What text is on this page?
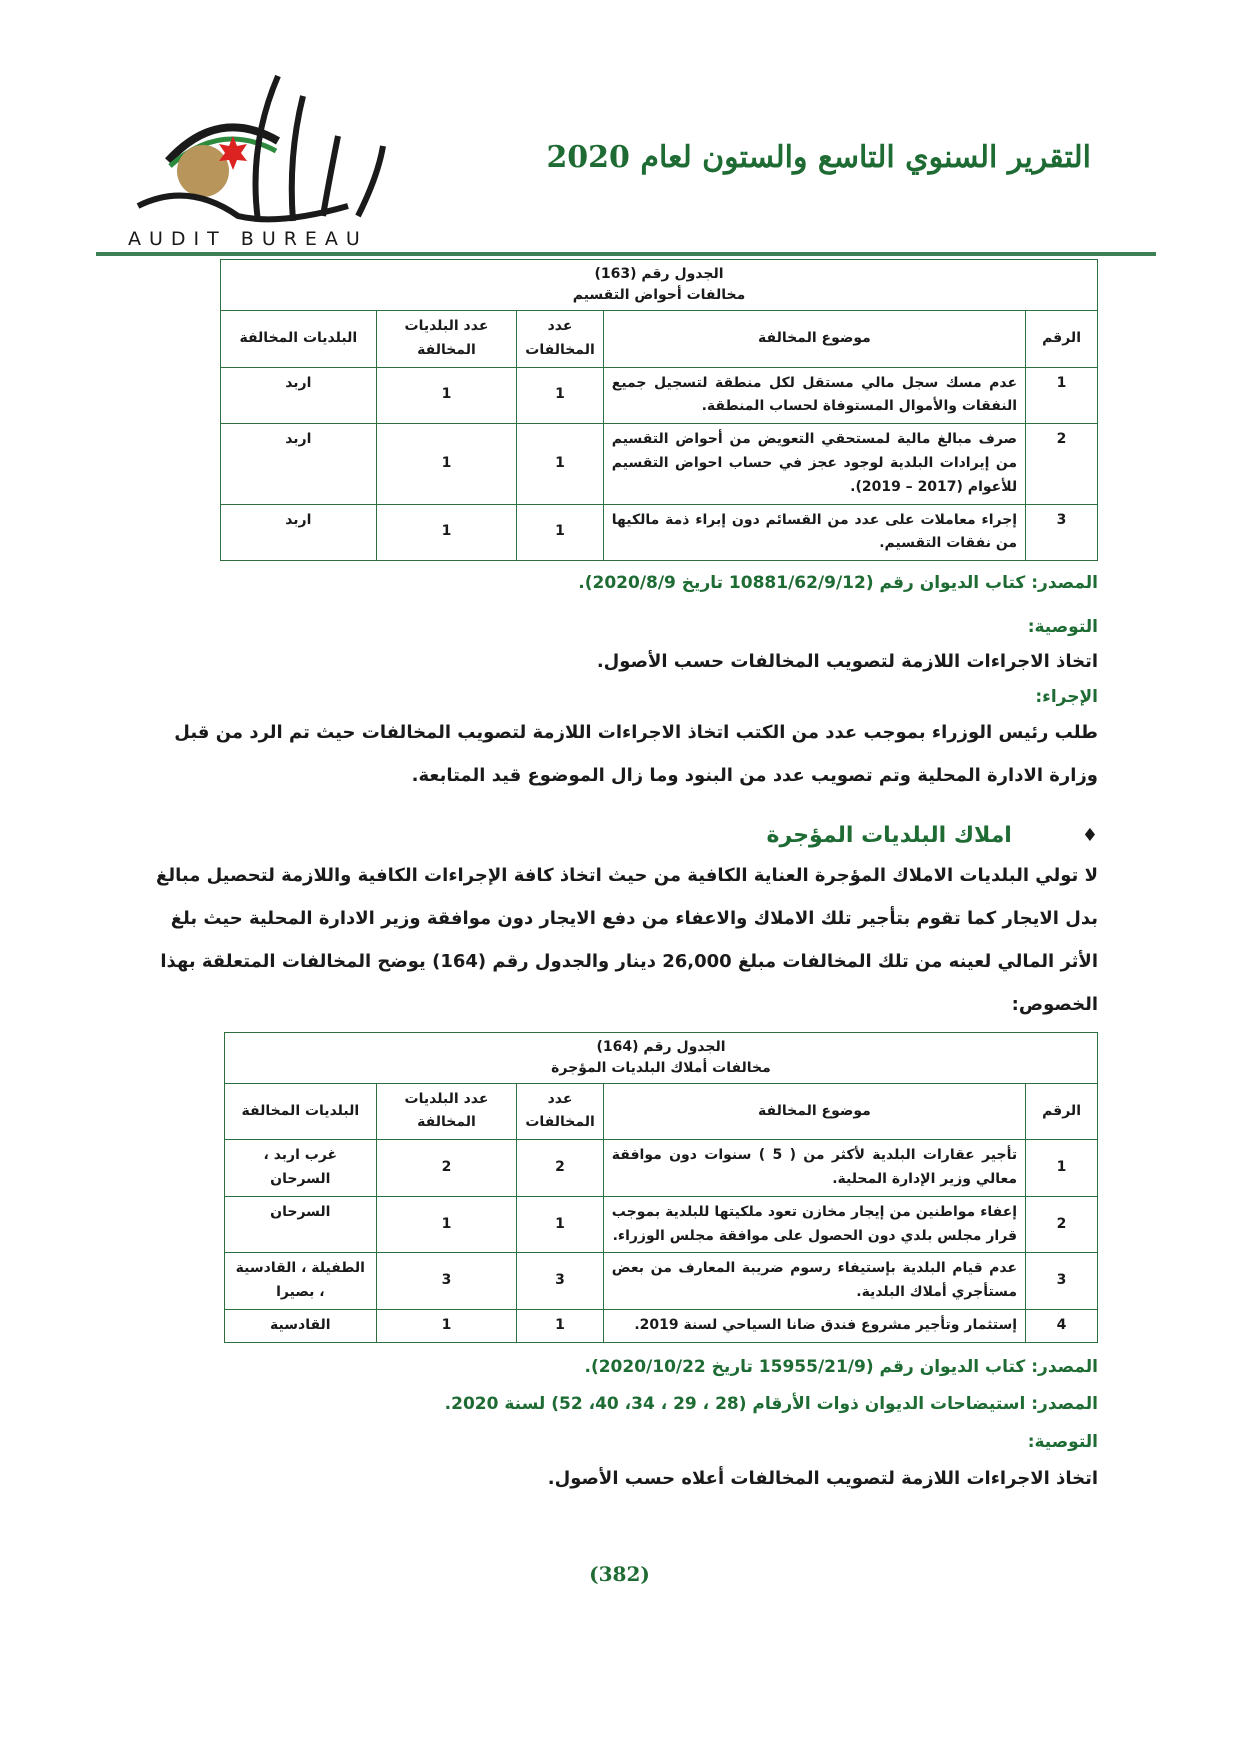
AUDIT BUREAU
التقرير السنوي التاسع والستون لعام 2020
الجدول رقم (163)
مخالفات أحواض التقسيم				

الرقم	موضوع المخالفة	عدد المخالفات	عدد البلديات المخالفة	البلديات المخالفة
1	عدم مسك سجل مالي مستقل لكل منطقة لتسجيل جميع النفقات والأموال المستوفاة لحساب المنطقة.	1	1	اربد
2	صرف مبالغ مالية لمستحقي التعويض من أحواض التقسيم من إيرادات البلدية لوجود عجز في حساب احواض التقسيم للأعوام (2017 – 2019).	1	1	اربد
3	إجراء معاملات على عدد من القسائم دون إبراء ذمة مالكيها من نفقات التقسيم.	1	1	اربد
المصدر: كتاب الديوان رقم (10881/62/9/12 تاريخ 2020/8/9).
التوصية:
اتخاذ الاجراءات اللازمة لتصويب المخالفات حسب الأصول.
الإجراء:
طلب رئيس الوزراء بموجب عدد من الكتب اتخاذ الاجراءات اللازمة لتصويب المخالفات حيث تم الرد من قبل وزارة الادارة المحلية وتم تصويب عدد من البنود وما زال الموضوع قيد المتابعة.
♦
املاك البلديات المؤجرة
لا تولي البلديات الاملاك المؤجرة العناية الكافية من حيث اتخاذ كافة الإجراءات الكافية واللازمة لتحصيل مبالغ بدل الايجار كما تقوم بتأجير تلك الاملاك والاعفاء من دفع الايجار دون موافقة وزير الادارة المحلية حيث بلغ الأثر المالي لعينه من تلك المخالفات مبلغ 26,000 دينار والجدول رقم (164) يوضح المخالفات المتعلقة بهذا الخصوص:
الجدول رقم (164)
مخالفات أملاك البلديات المؤجرة				

الرقم	موضوع المخالفة	عدد المخالفات	عدد البلديات المخالفة	البلديات المخالفة
1	تأجير عقارات البلدية لأكثر من ( 5 ) سنوات دون موافقة معالي وزير الإدارة المحلية.	2	2	غرب اربد ، السرحان
2	إعفاء مواطنين من إيجار مخازن تعود ملكيتها للبلدية بموجب قرار مجلس بلدي دون الحصول على موافقة مجلس الوزراء.	1	1	السرحان
3	عدم قيام البلدية بإستيفاء رسوم ضريبة المعارف من بعض مستأجري أملاك البلدية.	3	3	الطفيلة ، القادسية ، بصيرا
4	إستثمار وتأجير مشروع فندق ضانا السياحي لسنة 2019.	1	1	القادسية
المصدر: كتاب الديوان رقم (15955/21/9 تاريخ 2020/10/22).
المصدر: استيضاحات الديوان ذوات الأرقام (28 ، 29 ، 34، 40، 52) لسنة 2020.
التوصية:
اتخاذ الاجراءات اللازمة لتصويب المخالفات أعلاه حسب الأصول.
(382)
